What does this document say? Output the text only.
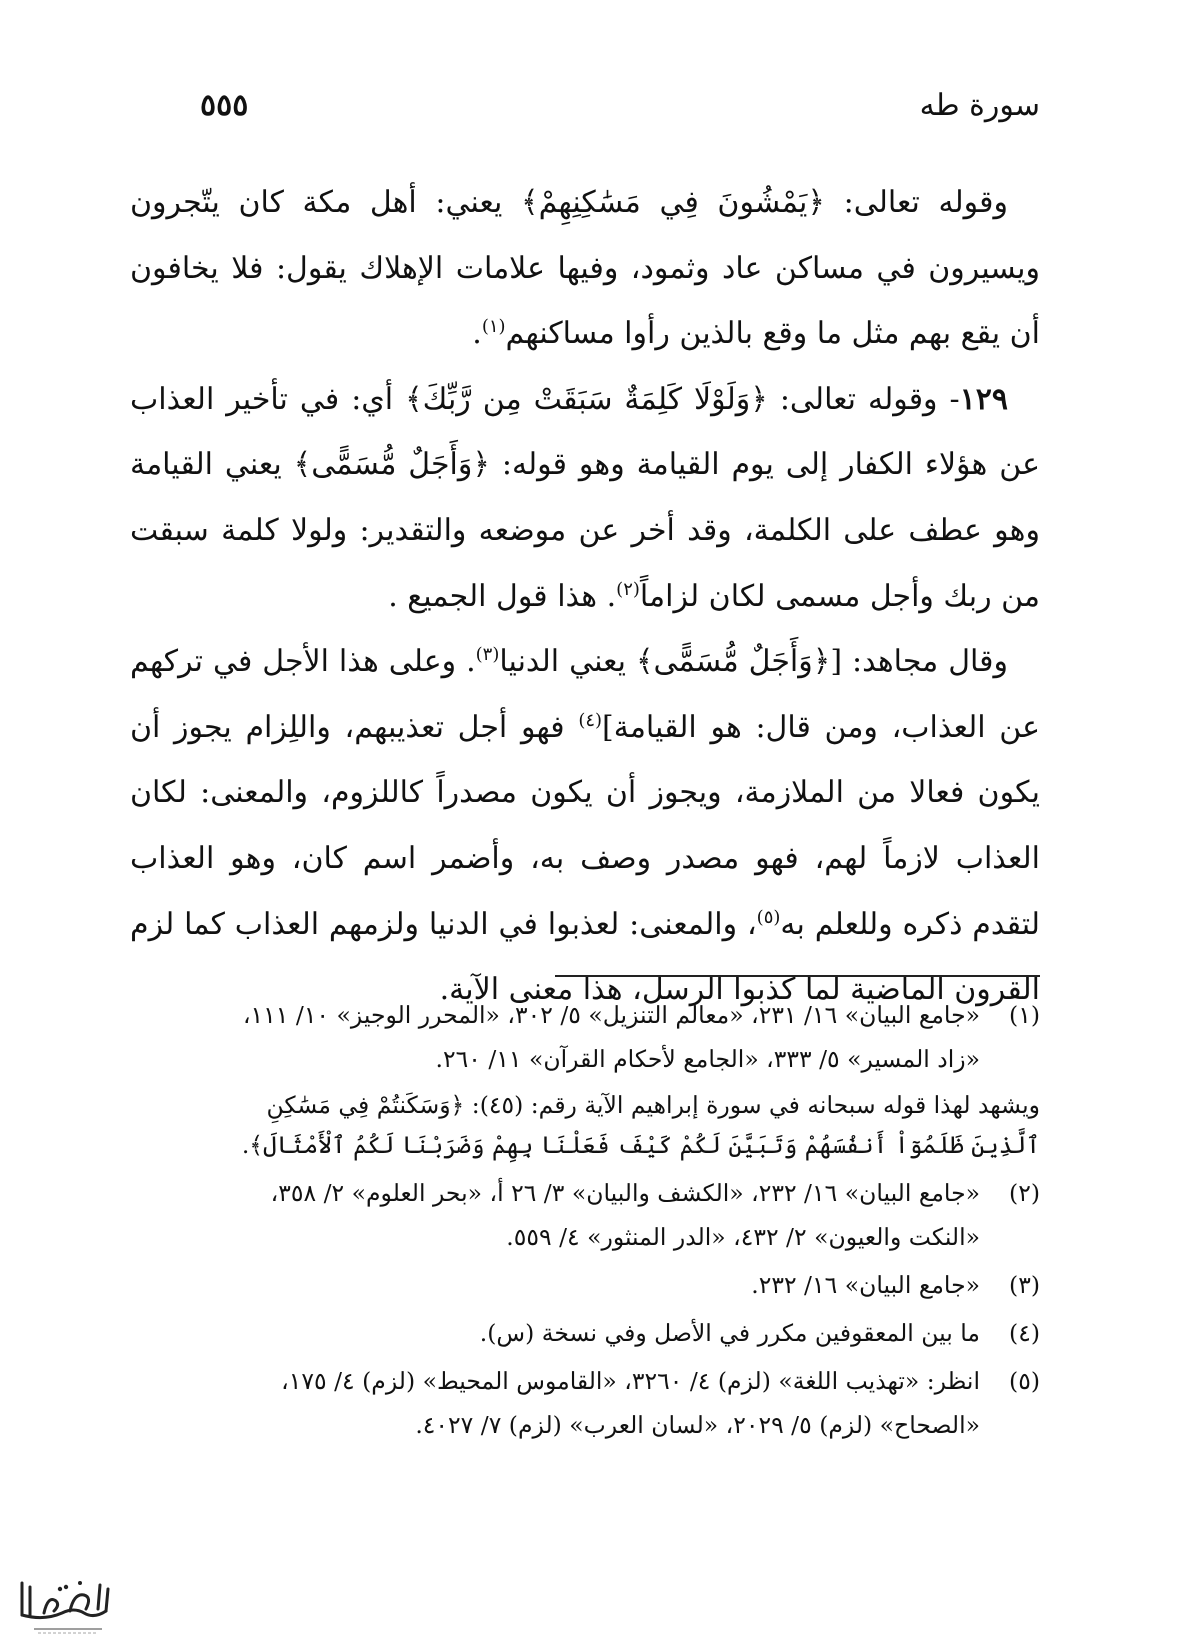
سورة طه
٥٥٥

وقوله تعالى: ﴿يَمْشُونَ فِي مَسَٰكِنِهِمْ﴾ يعني: أهل مكة كان يتّجرون ويسيرون في مساكن عاد وثمود، وفيها علامات الإهلاك يقول: فلا يخافون أن يقع بهم مثل ما وقع بالذين رأوا مساكنهم$^{(١)}$.

١٢٩- وقوله تعالى: ﴿وَلَوْلَا كَلِمَةٌ سَبَقَتْ مِن رَّبِّكَ﴾ أي: في تأخير العذاب عن هؤلاء الكفار إلى يوم القيامة وهو قوله: ﴿وَأَجَلٌ مُّسَمًّى﴾ يعني القيامة وهو عطف على الكلمة، وقد أخر عن موضعه والتقدير: ولولا كلمة سبقت من ربك وأجل مسمى لكان لزاماً$^{(٢)}$. هذا قول الجميع .

وقال مجاهد: [﴿وَأَجَلٌ مُّسَمًّى﴾ يعني الدنيا$^{(٣)}$. وعلى هذا الأجل في تركهم عن العذاب، ومن قال: هو القيامة]$^{(٤)}$ فهو أجل تعذيبهم، واللِزام يجوز أن يكون فعالا من الملازمة، ويجوز أن يكون مصدراً كاللزوم، والمعنى: لكان العذاب لازماً لهم، فهو مصدر وصف به، وأضمر اسم كان، وهو العذاب لتقدم ذكره وللعلم به$^{(٥)}$، والمعنى: لعذبوا في الدنيا ولزمهم العذاب كما لزم القرون الماضية لما كذبوا الرسل، هذا معنى الآية.

(١)
«جامع البيان» ١٦/ ٢٣١، «معالم التنزيل» ٥/ ٣٠٢، «المحرر الوجيز» ١٠/ ١١١،
«زاد المسير» ٥/ ٣٣٣، «الجامع لأحكام القرآن» ١١/ ٢٦٠.
ويشهد لهذا قوله سبحانه في سورة إبراهيم الآية رقم: (٤٥): ﴿وَسَكَنتُمْ فِي مَسَٰكِنِ
ٱلَّذِينَ ظَلَمُوٓاْ أَنفُسَهُمْ وَتَبَيَّنَ لَكُمْ كَيْفَ فَعَلْنَا بِهِمْ وَضَرَبْنَا لَكُمُ ٱلْأَمْثَالَ﴾.
(٢)
«جامع البيان» ١٦/ ٢٣٢، «الكشف والبيان» ٣/ ٢٦ أ، «بحر العلوم» ٢/ ٣٥٨،
«النكت والعيون» ٢/ ٤٣٢، «الدر المنثور» ٤/ ٥٥٩.
(٣)
«جامع البيان» ١٦/ ٢٣٢.
(٤)
ما بين المعقوفين مكرر في الأصل وفي نسخة (س).
(٥)
انظر: «تهذيب اللغة» (لزم) ٤/ ٣٢٦٠، «القاموس المحيط» (لزم) ٤/ ١٧٥،
«الصحاح» (لزم) ٥/ ٢٠٢٩، «لسان العرب» (لزم) ٧/ ٤٠٢٧.
